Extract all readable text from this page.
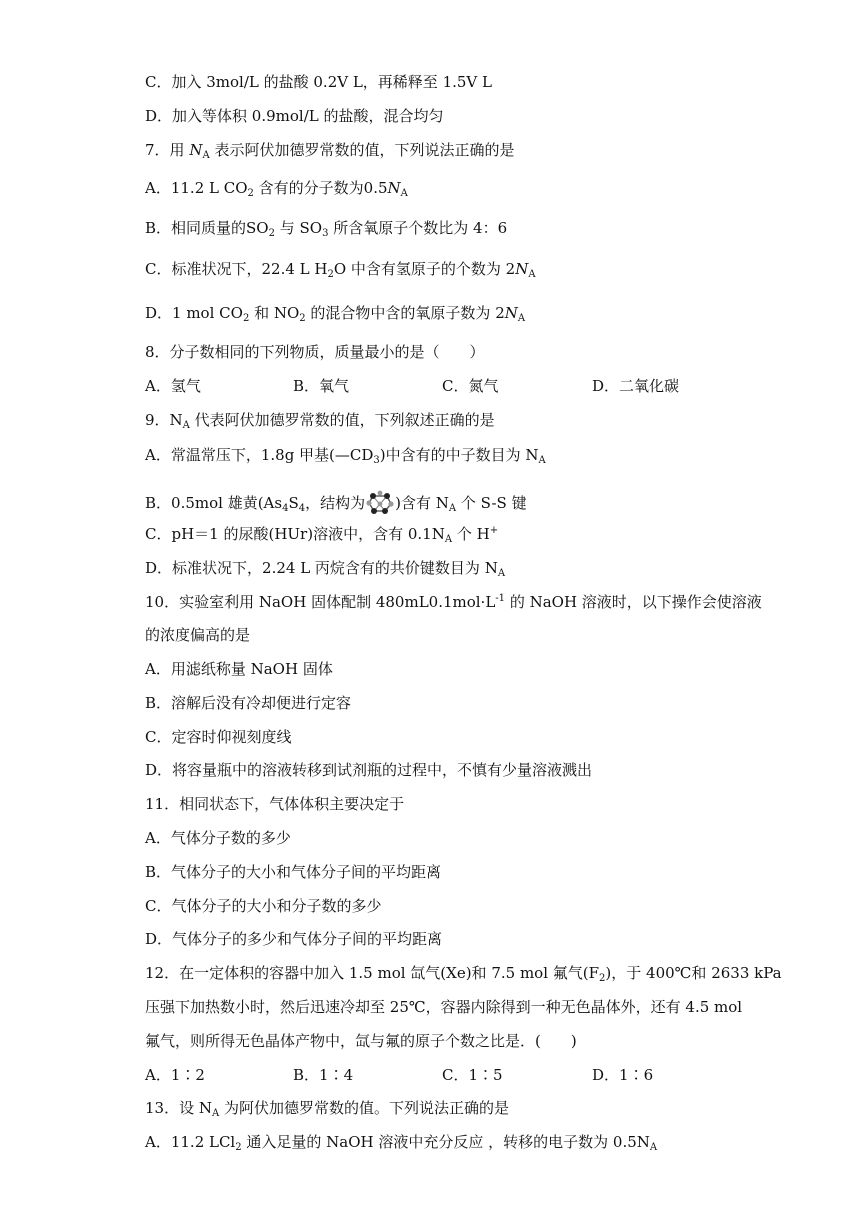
C．加入 3mol/L 的盐酸 0.2V L，再稀释至 1.5V L
D．加入等体积 0.9mol/L 的盐酸，混合均匀
7．用 $N_A$ 表示阿伏加德罗常数的值，下列说法正确的是
A．11.2 L $CO_2$ 含有的分子数为$0.5N_A$
B．相同质量的$SO_2$ 与 $SO_3$ 所含氧原子个数比为 4：6
C．标准状况下，22.4 L $H_2O$ 中含有氢原子的个数为 $2N_A$
D．1 mol $CO_2$ 和 $NO_2$ 的混合物中含的氧原子数为 $2N_A$
8．分子数相同的下列物质，质量最小的是（　　）
A．氢气	B．氧气	C．氮气	D．二氧化碳
9．$N_A$ 代表阿伏加德罗常数的值，下列叙述正确的是
A．常温常压下，1.8g 甲基$(—CD_3)$中含有的中子数目为 $N_A$
B．0.5mol 雄黄($As_4S_4$，结构为 )含有 $N_A$ 个 S-S 键
C．pH＝1 的尿酸(HUr)溶液中，含有 $0.1N_A$ 个 H+
D．标准状况下，2.24 L 丙烷含有的共价键数目为 $N_A$
10．实验室利用 NaOH 固体配制 $480mL0.1mol\cdot L^{-1}$ 的 NaOH 溶液时，以下操作会使溶液
的浓度偏高的是
A．用滤纸称量 NaOH 固体
B．溶解后没有冷却便进行定容
C．定容时仰视刻度线
D．将容量瓶中的溶液转移到试剂瓶的过程中，不慎有少量溶液溅出
11．相同状态下，气体体积主要决定于
A．气体分子数的多少
B．气体分子的大小和气体分子间的平均距离
C．气体分子的大小和分子数的多少
D．气体分子的多少和气体分子间的平均距离
12．在一定体积的容器中加入 1.5 mol 氙气(Xe)和 7.5 mol 氟气$(F_2)$，于 400℃和 2633 kPa
压强下加热数小时，然后迅速冷却至 25℃，容器内除得到一种无色晶体外，还有 4.5 mol
氟气，则所得无色晶体产物中，氙与氟的原子个数之比是．(　　)
A．1∶2	B．1∶4	C．1∶5	D．1∶6
13．设 $N_A$ 为阿伏加德罗常数的值。下列说法正确的是
A．11.2 LCl$_2$ 通入足量的 NaOH 溶液中充分反应 ，转移的电子数为 $0.5N_A$
